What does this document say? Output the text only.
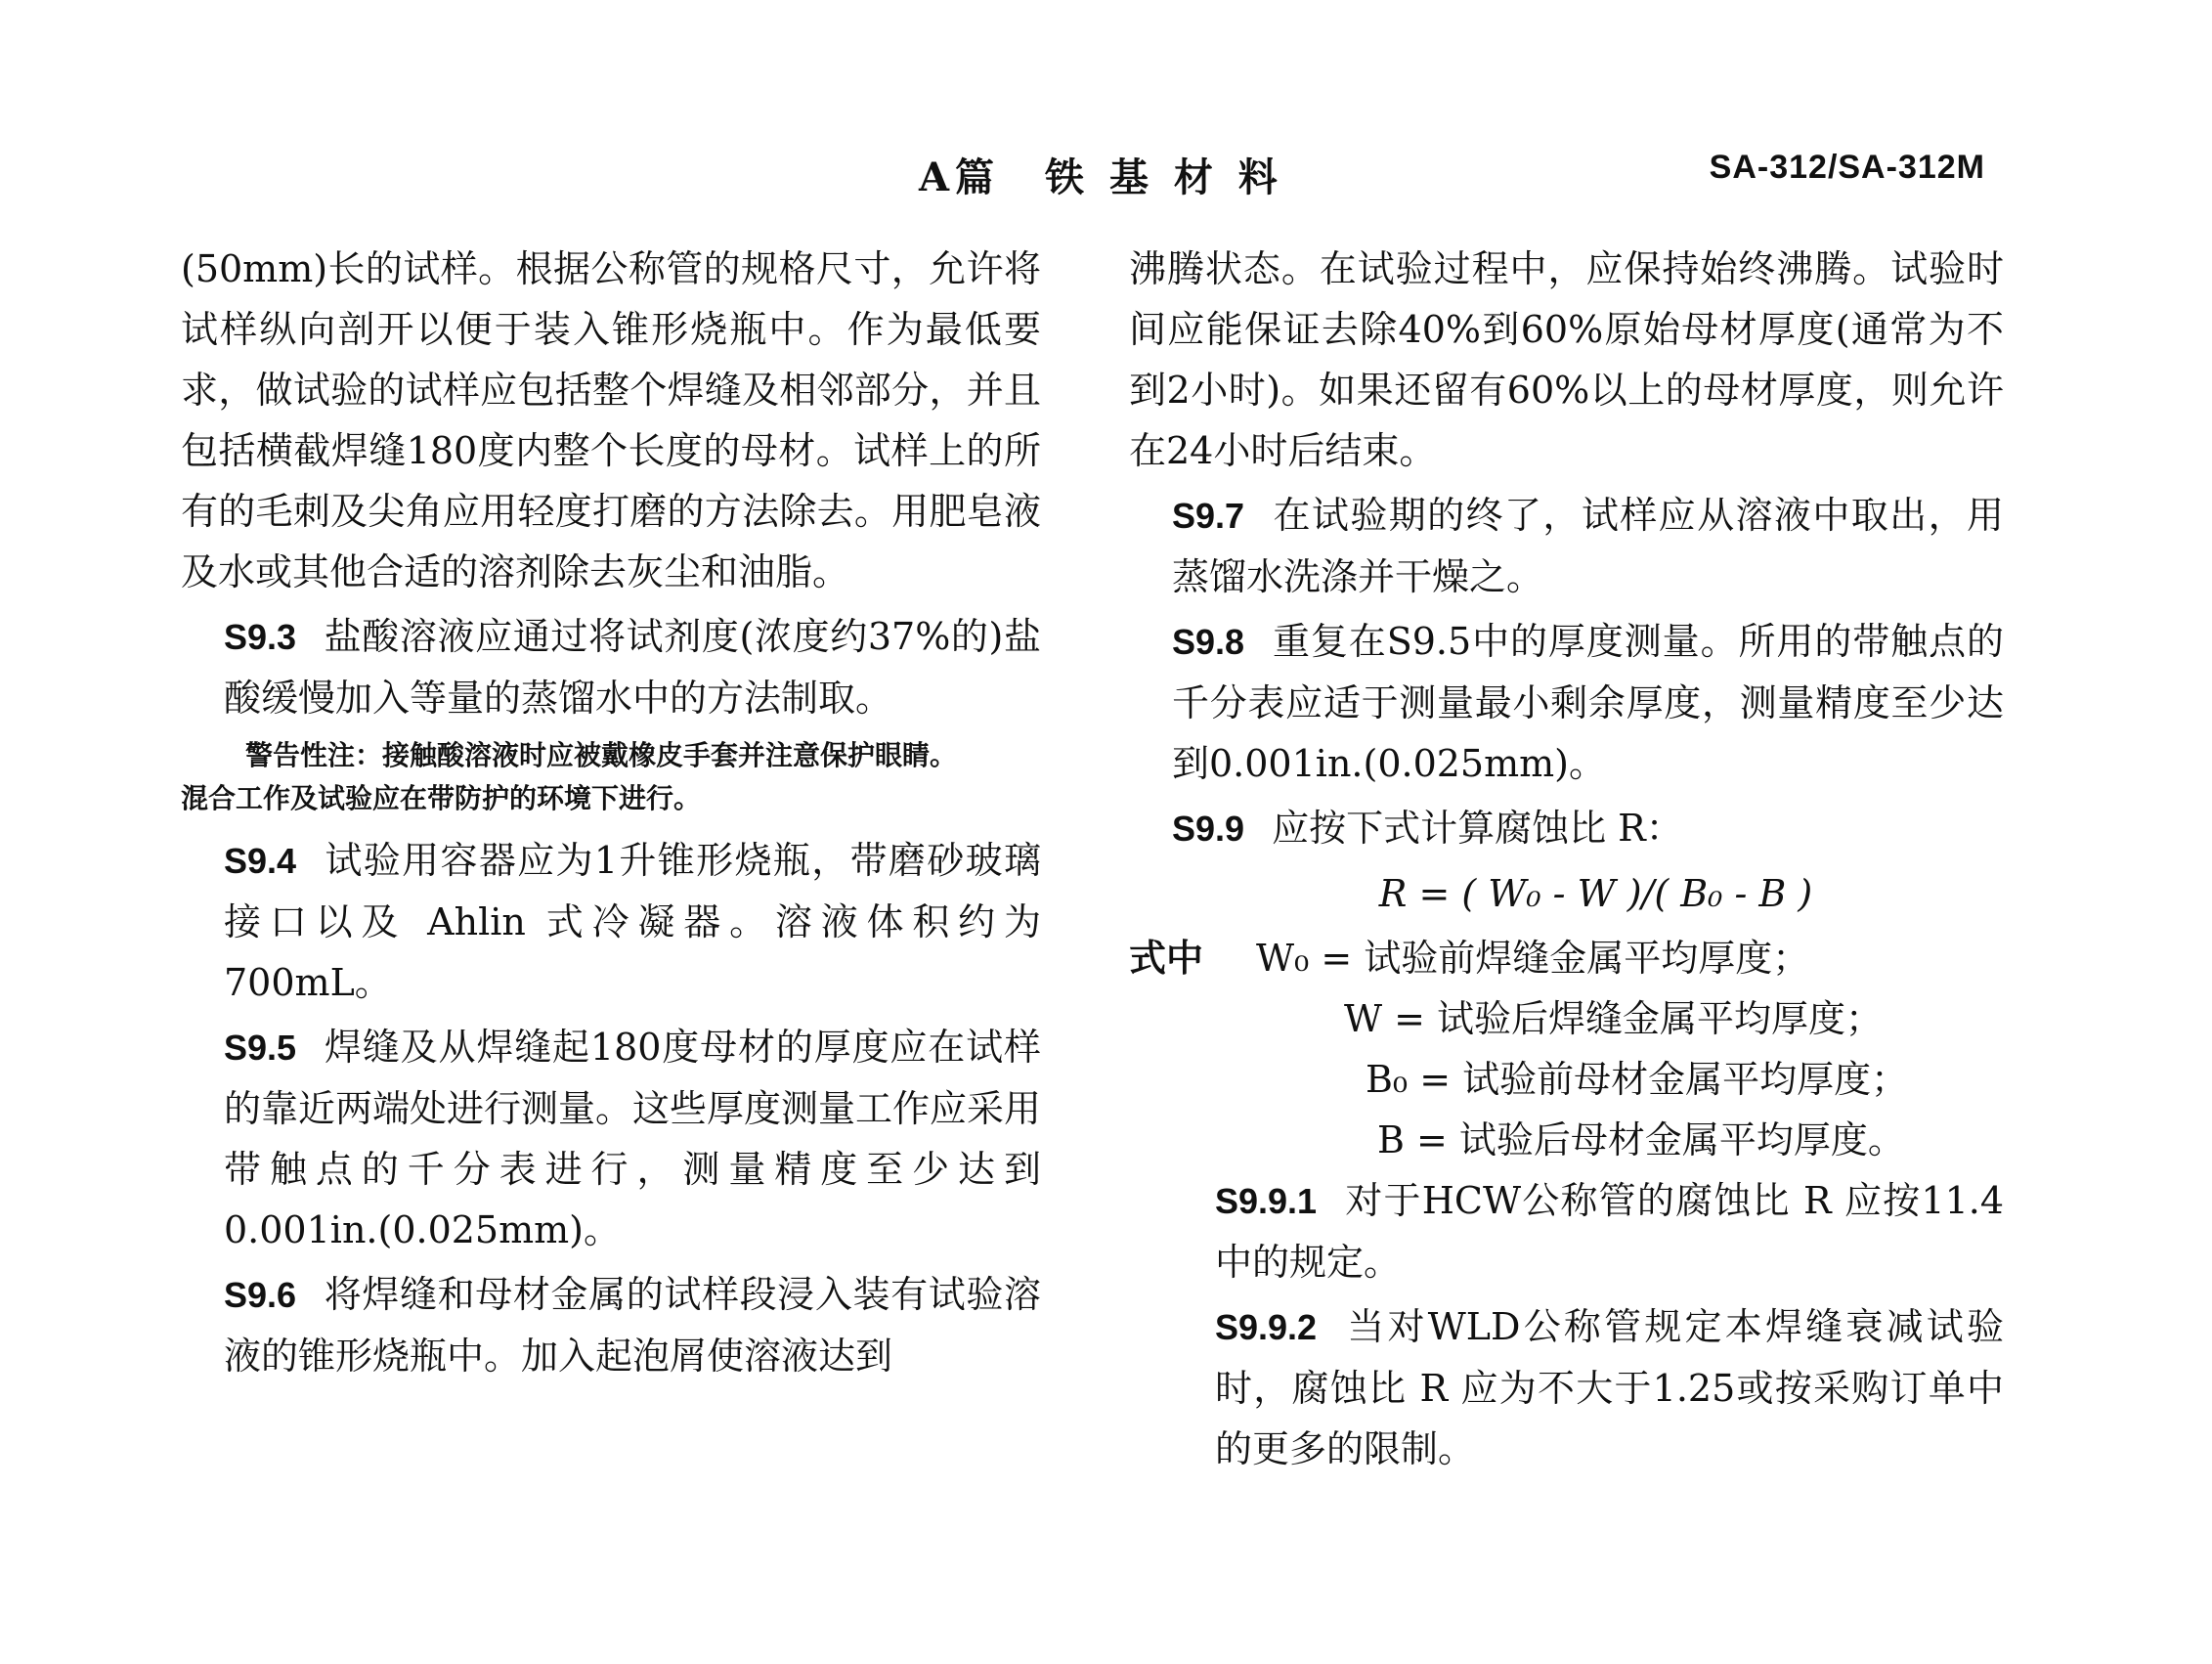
A篇　铁 基 材 料	SA-312/SA-312M

(50mm)长的试样。根据公称管的规格尺寸，允许将试样纵向剖开以便于装入锥形烧瓶中。作为最低要求，做试验的试样应包括整个焊缝及相邻部分，并且包括横截焊缝180度内整个长度的母材。试样上的所有的毛刺及尖角应用轻度打磨的方法除去。用肥皂液及水或其他合适的溶剂除去灰尘和油脂。

S9.3 盐酸溶液应通过将试剂度(浓度约37%的)盐酸缓慢加入等量的蒸馏水中的方法制取。

警告性注：接触酸溶液时应被戴橡皮手套并注意保护眼睛。
混合工作及试验应在带防护的环境下进行。

S9.4 试验用容器应为1升锥形烧瓶，带磨砂玻璃接口以及 Ahlin 式冷凝器。溶液体积约为700mL。

S9.5 焊缝及从焊缝起180度母材的厚度应在试样的靠近两端处进行测量。这些厚度测量工作应采用带触点的千分表进行，测量精度至少达到0.001in.(0.025mm)。

S9.6 将焊缝和母材金属的试样段浸入装有试验溶液的锥形烧瓶中。加入起泡屑使溶液达到

沸腾状态。在试验过程中，应保持始终沸腾。试验时间应能保证去除40%到60%原始母材厚度(通常为不到2小时)。如果还留有60%以上的母材厚度，则允许在24小时后结束。

S9.7 在试验期的终了，试样应从溶液中取出，用蒸馏水洗涤并干燥之。

S9.8 重复在S9.5中的厚度测量。所用的带触点的千分表应适于测量最小剩余厚度，测量精度至少达到0.001in.(0.025mm)。

S9.9 应按下式计算腐蚀比 R：

R = ( W₀ - W )/( B₀ - B )

式中	W₀ = 试验前焊缝金属平均厚度；
W = 试验后焊缝金属平均厚度；
B₀ = 试验前母材金属平均厚度；
B = 试验后母材金属平均厚度。

S9.9.1 对于HCW公称管的腐蚀比 R 应按11.4中的规定。

S9.9.2 当对WLD公称管规定本焊缝衰减试验时，腐蚀比 R 应为不大于1.25或按采购订单中的更多的限制。
